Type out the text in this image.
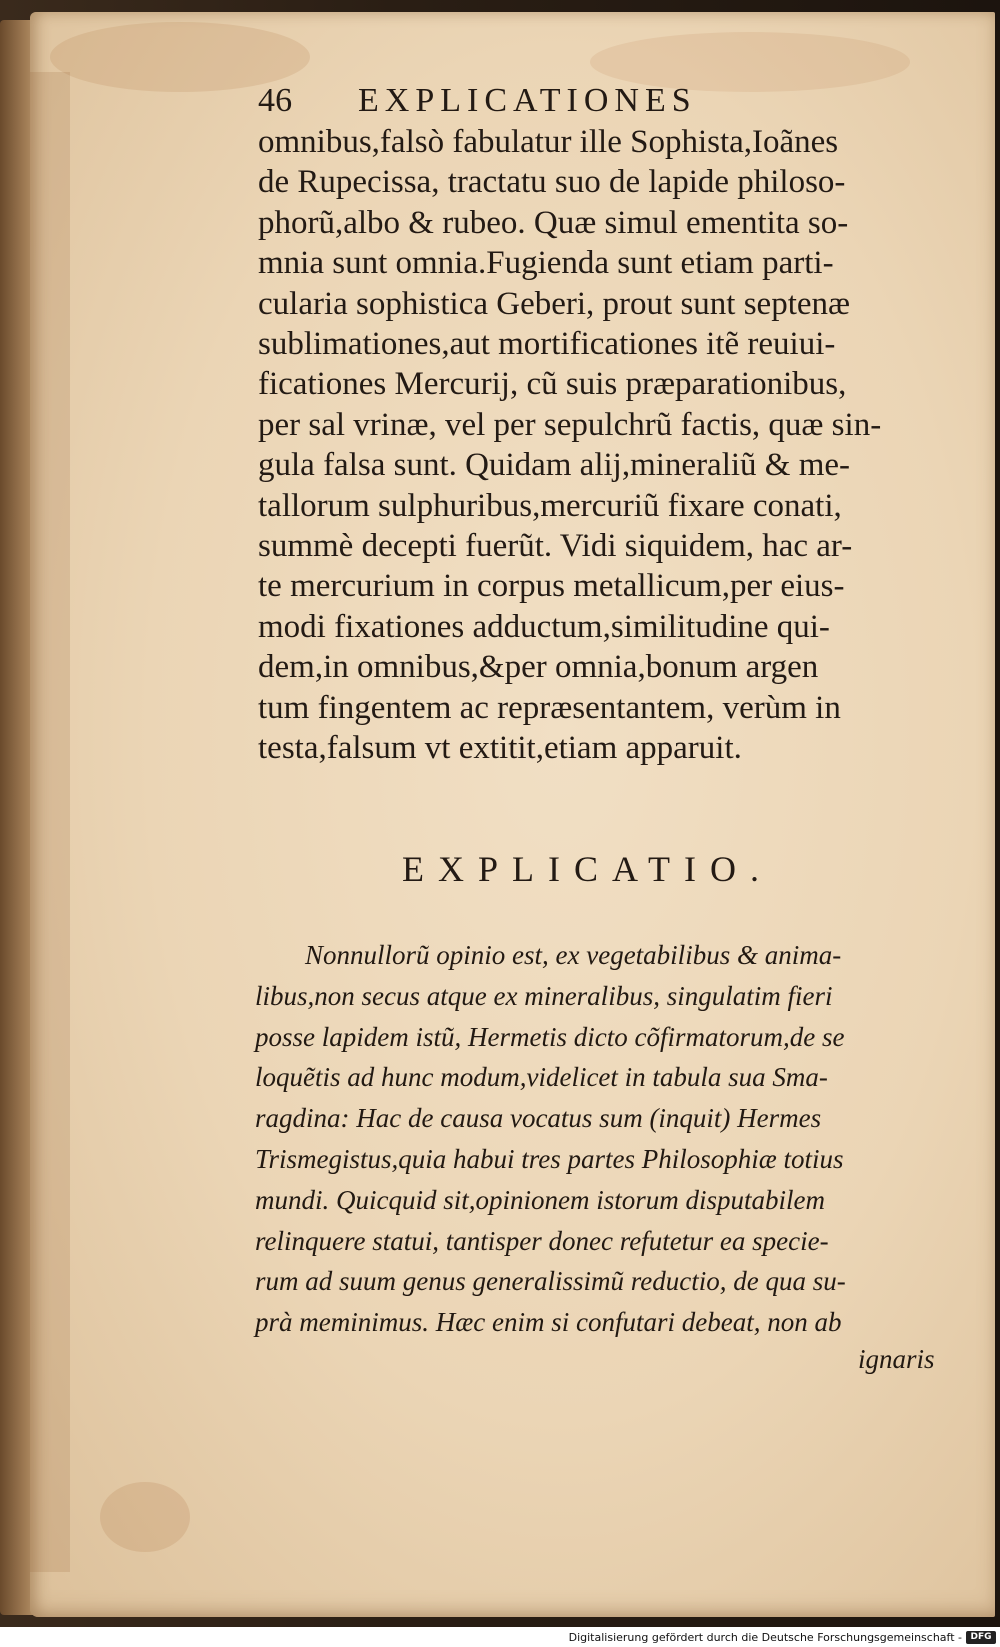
46	EXPLICATIONES

omnibus,falsò fabulatur ille Sophista,Ioãnes
de Rupecissa, tractatu suo de lapide philoso-
phorũ,albo & rubeo. Quæ simul ementita so-
mnia sunt omnia.Fugienda sunt etiam parti-
cularia sophistica Geberi, prout sunt septenæ
sublimationes,aut mortificationes itẽ reuiui-
ficationes Mercurij, cũ suis præparationibus,
per sal vrinæ, vel per sepulchrũ factis, quæ sin-
gula falsa sunt. Quidam alij,mineraliũ & me-
tallorum sulphuribus,mercuriũ fixare conati,
summè decepti fuerũt. Vidi siquidem, hac ar-
te mercurium in corpus metallicum,per eius-
modi fixationes adductum,similitudine qui-
dem,in omnibus,&per omnia,bonum argen
tum fingentem ac repræsentantem, verùm in
testa,falsum vt extitit,etiam apparuit.

EXPLICATIO.
Nonnullorũ opinio est, ex vegetabilibus & anima-
libus,non secus atque ex mineralibus, singulatim fieri
posse lapidem istũ, Hermetis dicto cõfirmatorum,de se
loquẽtis ad hunc modum,videlicet in tabula sua Sma-
ragdina: Hac de causa vocatus sum (inquit) Hermes
Trismegistus,quia habui tres partes Philosophiæ totius
mundi. Quicquid sit,opinionem istorum disputabilem
relinquere statui, tantisper donec refutetur ea specie-
rum ad suum genus generalissimũ reductio, de qua su-
prà meminimus. Hæc enim si confutari debeat, non ab
ignaris
Digitalisierung gefördert durch die Deutsche Forschungsgemeinschaft - DFG
